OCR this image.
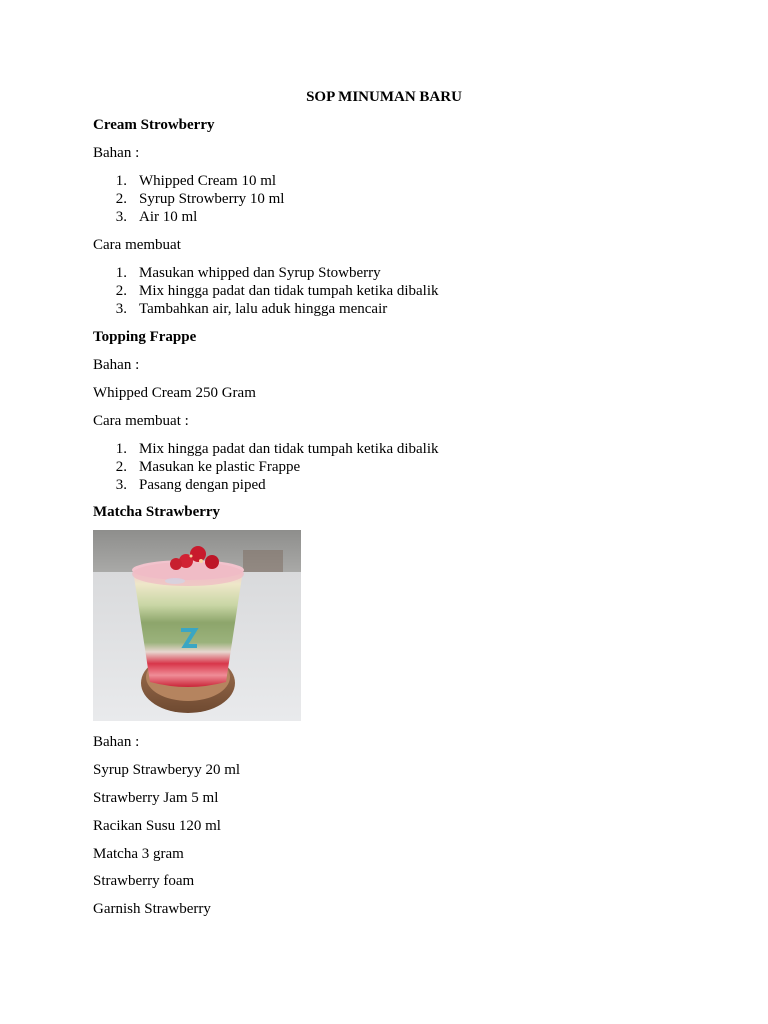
SOP MINUMAN BARU
Cream Strowberry
Bahan :
1. Whipped Cream 10 ml
2. Syrup Strowberry 10 ml
3. Air 10 ml
Cara membuat
1. Masukan whipped dan Syrup Stowberry
2. Mix hingga padat dan tidak tumpah ketika dibalik
3. Tambahkan air, lalu aduk hingga mencair
Topping Frappe
Bahan :
Whipped Cream 250 Gram
Cara membuat :
1. Mix hingga padat dan tidak tumpah ketika dibalik
2. Masukan ke plastic Frappe
3. Pasang dengan piped
Matcha Strawberry
Bahan :
Syrup Strawberyy 20 ml
Strawberry Jam 5 ml
Racikan Susu 120 ml
Matcha 3 gram
Strawberry foam
Garnish Strawberry
